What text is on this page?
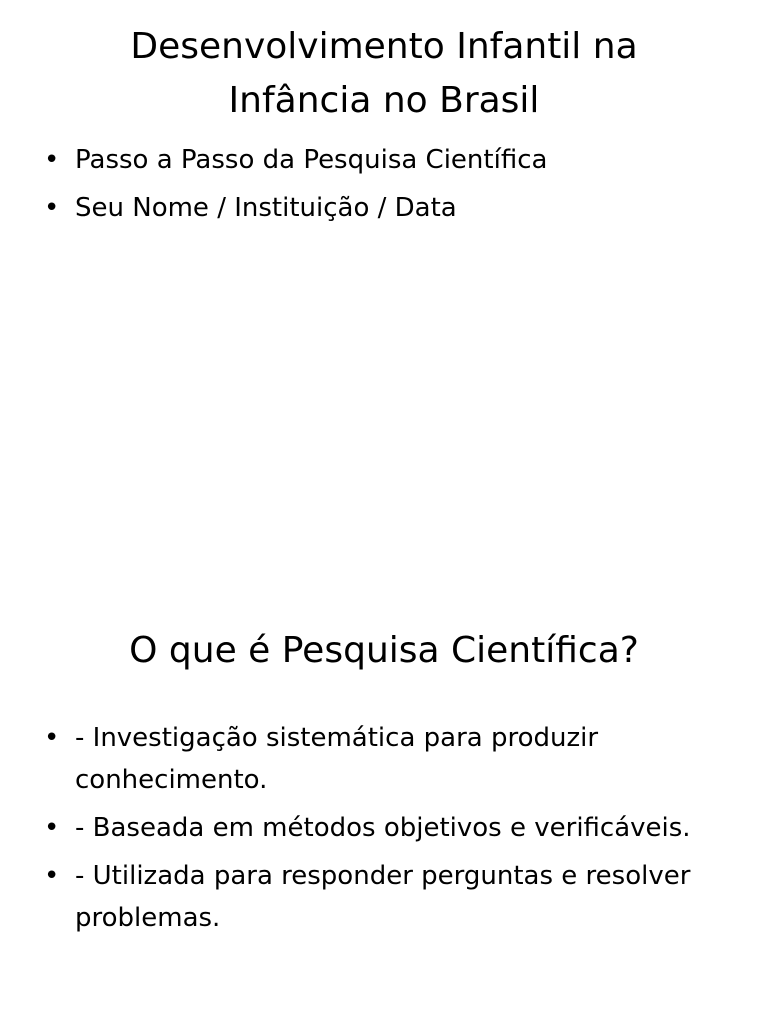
Desenvolvimento Infantil na
Infância no Brasil
• Passo a Passo da Pesquisa Científica
• Seu Nome / Instituição / Data
O que é Pesquisa Científica?
• - Investigação sistemática para produzir conhecimento.
• - Baseada em métodos objetivos e verificáveis.
• - Utilizada para responder perguntas e resolver problemas.
